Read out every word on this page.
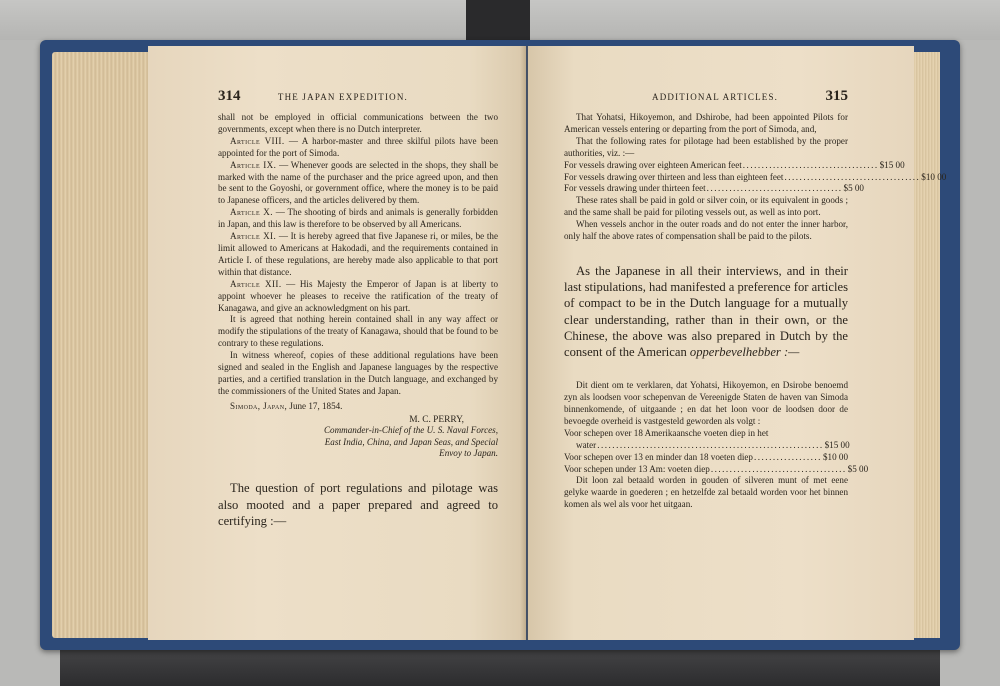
314	THE JAPAN EXPEDITION.

shall not be employed in official communications between the two governments, except when there is no Dutch interpreter.

Article VIII. — A harbor-master and three skilful pilots have been appointed for the port of Simoda.

Article IX. — Whenever goods are selected in the shops, they shall be marked with the name of the purchaser and the price agreed upon, and then be sent to the Goyoshi, or government office, where the money is to be paid to Japanese officers, and the articles delivered by them.

Article X. — The shooting of birds and animals is generally forbidden in Japan, and this law is therefore to be observed by all Americans.

Article XI. — It is hereby agreed that five Japanese ri, or miles, be the limit allowed to Americans at Hakodadi, and the requirements contained in Article I. of these regulations, are hereby made also applicable to that port within that distance.

Article XII. — His Majesty the Emperor of Japan is at liberty to appoint whoever he pleases to receive the ratification of the treaty of Kanagawa, and give an acknowledgment on his part.

It is agreed that nothing herein contained shall in any way affect or modify the stipulations of the treaty of Kanagawa, should that be found to be contrary to these regulations.

In witness whereof, copies of these additional regulations have been signed and sealed in the English and Japanese languages by the respective parties, and a certified translation in the Dutch language, and exchanged by the commissioners of the United States and Japan.

Simoda, Japan, June 17, 1854.

M. C. PERRY,
Commander-in-Chief of the U. S. Naval Forces, East India, China, and Japan Seas, and Special Envoy to Japan.

The question of port regulations and pilotage was also mooted and a paper prepared and agreed to certifying :—

ADDITIONAL ARTICLES.	315

That Yohatsi, Hikoyemon, and Dshirobe, had been appointed Pilots for American vessels entering or departing from the port of Simoda, and,

That the following rates for pilotage had been established by the proper authorities, viz. :—

For vessels drawing over eighteen American feet .................................... $15 00
For vessels drawing over thirteen and less than eighteen feet .................................... $10 00
For vessels drawing under thirteen feet .................................... $5 00

These rates shall be paid in gold or silver coin, or its equivalent in goods ; and the same shall be paid for piloting vessels out, as well as into port.

When vessels anchor in the outer roads and do not enter the inner harbor, only half the above rates of compensation shall be paid to the pilots.

As the Japanese in all their interviews, and in their last stipulations, had manifested a preference for articles of compact to be in the Dutch language for a mutually clear understanding, rather than in their own, or the Chinese, the above was also prepared in Dutch by the consent of the American opperbevelhebber :—

Dit dient om te verklaren, dat Yohatsi, Hikoyemon, en Dsirobe benoemd zyn als loodsen voor schepenvan de Vereenigde Staten de haven van Simoda binnenkomende, of uitgaande ; en dat het loon voor de loodsen door de bevoegde overheid is vastgesteld geworden als volgt :

Voor schepen over 18 Amerikaansche voeten diep in het

water ............................................................ $15 00
Voor schepen over 13 en minder dan 18 voeten diep .................. $10 00
Voor schepen under 13 Am: voeten diep .................................... $5 00

Dit loon zal betaald worden in gouden of silveren munt of met eene gelyke waarde in goederen ; en hetzelfde zal betaald worden voor het binnen komen als wel als voor het uitgaan.
